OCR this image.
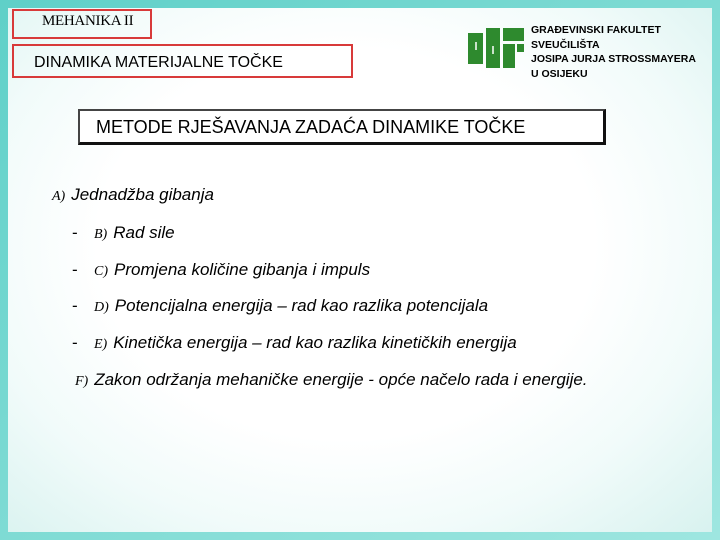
MEHANIKA II
DINAMIKA MATERIJALNE TOČKE
GRAĐEVINSKI FAKULTET
SVEUČILIŠTA
JOSIPA JURJA STROSSMAYERA
U OSIJEKU
METODE RJEŠAVANJA ZADAĆA DINAMIKE TOČKE
A) Jednadžba gibanja
- B) Rad sile
- C) Promjena količine gibanja i impuls
- D) Potencijalna energija – rad kao razlika potencijala
- E) Kinetička energija – rad kao razlika kinetičkih energija
F) Zakon održanja mehaničke energije - opće načelo rada i energije.
